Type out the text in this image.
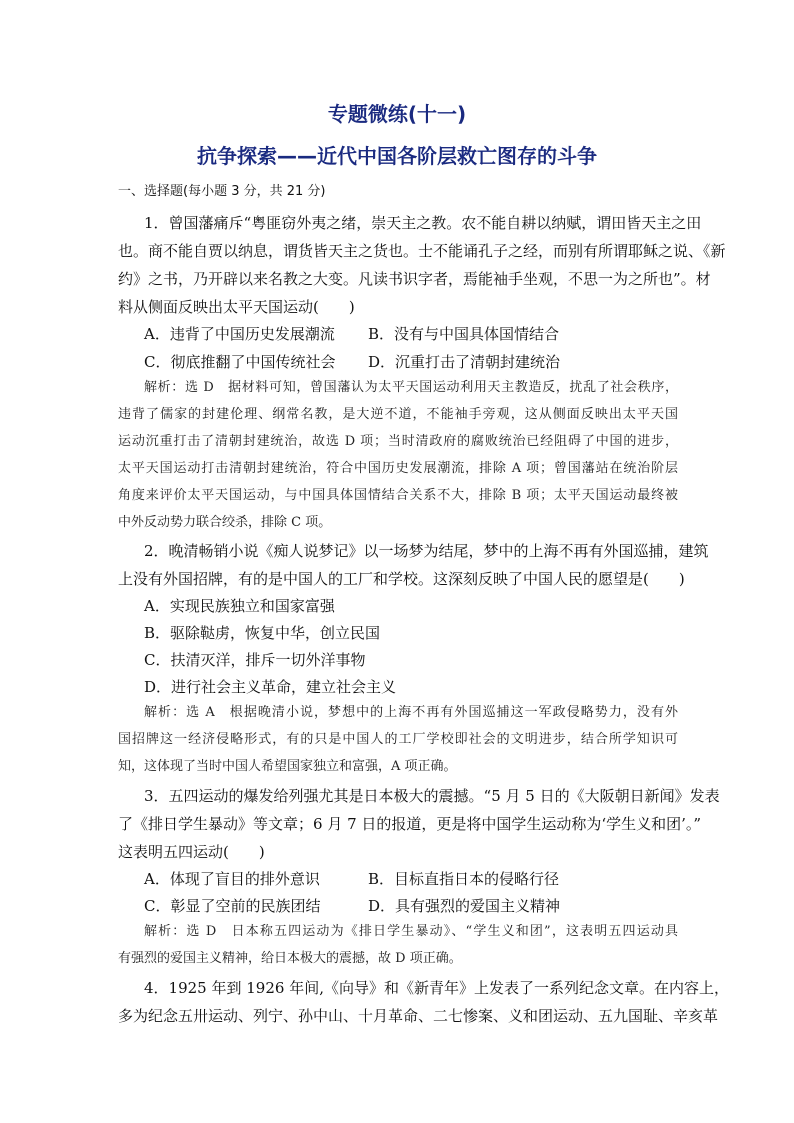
专题微练(十一)
抗争探索——近代中国各阶层救亡图存的斗争
一、选择题(每小题 3 分，共 21 分)
1．曾国藩痛斥“粤匪窃外夷之绪，崇天主之教。农不能自耕以纳赋，谓田皆天主之田
也。商不能自贾以纳息，谓货皆天主之货也。士不能诵孔子之经，而别有所谓耶稣之说、《新
约》之书，乃开辟以来名教之大变。凡读书识字者，焉能袖手坐观，不思一为之所也”。材
料从侧面反映出太平天国运动(　　)
A．违背了中国历史发展潮流 B．没有与中国具体国情结合
C．彻底推翻了中国传统社会 D．沉重打击了清朝封建统治
解析：选 D　据材料可知，曾国藩认为太平天国运动利用天主教造反，扰乱了社会秩序，
违背了儒家的封建伦理、纲常名教，是大逆不道，不能袖手旁观，这从侧面反映出太平天国
运动沉重打击了清朝封建统治，故选 D 项；当时清政府的腐败统治已经阻碍了中国的进步，
太平天国运动打击清朝封建统治，符合中国历史发展潮流，排除 A 项；曾国藩站在统治阶层
角度来评价太平天国运动，与中国具体国情结合关系不大，排除 B 项；太平天国运动最终被
中外反动势力联合绞杀，排除 C 项。
2．晚清畅销小说《痴人说梦记》以一场梦为结尾，梦中的上海不再有外国巡捕，建筑
上没有外国招牌，有的是中国人的工厂和学校。这深刻反映了中国人民的愿望是(　　)
A．实现民族独立和国家富强
B．驱除鞑虏，恢复中华，创立民国
C．扶清灭洋，排斥一切外洋事物
D．进行社会主义革命，建立社会主义
解析：选 A　根据晚清小说，梦想中的上海不再有外国巡捕这一军政侵略势力，没有外
国招牌这一经济侵略形式，有的只是中国人的工厂学校即社会的文明进步，结合所学知识可
知，这体现了当时中国人希望国家独立和富强，A 项正确。
3．五四运动的爆发给列强尤其是日本极大的震撼。“5 月 5 日的《大阪朝日新闻》发表
了《排日学生暴动》等文章；6 月 7 日的报道，更是将中国学生运动称为‘学生义和团’。”
这表明五四运动(　　)
A．体现了盲目的排外意识	B．目标直指日本的侵略行径
C．彰显了空前的民族团结	D．具有强烈的爱国主义精神
解析：选 D　日本称五四运动为《排日学生暴动》、“学生义和团”，这表明五四运动具
有强烈的爱国主义精神，给日本极大的震撼，故 D 项正确。
4．1925 年到 1926 年间,《向导》和《新青年》上发表了一系列纪念文章。在内容上，
多为纪念五卅运动、列宁、孙中山、十月革命、二七惨案、义和团运动、五九国耻、辛亥革
